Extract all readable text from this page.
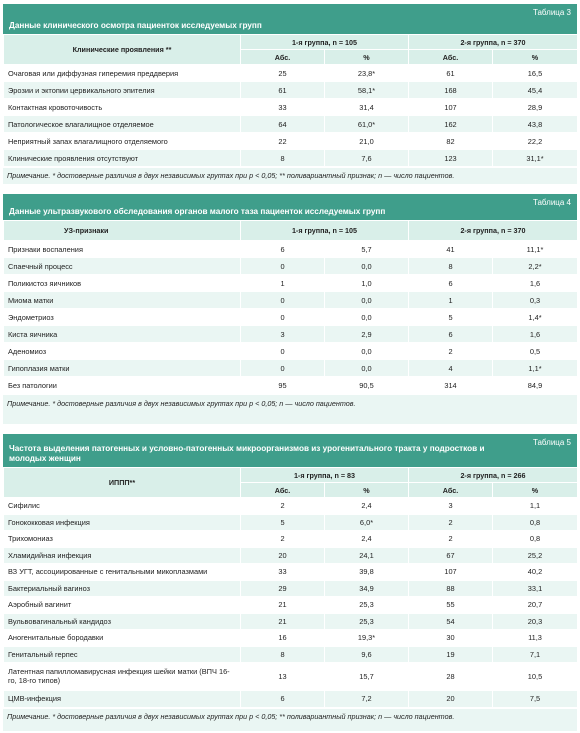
Таблица 3
Данные клинического осмотра пациенток исследуемых групп
Клинические проявления **	1-я группа, n = 105		2-я группа, n = 370	
	Абс.	%	Абс.	%
Очаговая или диффузная гиперемия преддверия	25	23,8*	61	16,5
Эрозии и эктопии цервикального эпителия	61	58,1*	168	45,4
Контактная кровоточивость	33	31,4	107	28,9
Патологическое влагалищное отделяемое	64	61,0*	162	43,8
Неприятный запах влагалищного отделяемого	22	21,0	82	22,2
Клинические проявления отсутствуют	8	7,6	123	31,1*
Примечание. * достоверные различия в двух независимых группах при p < 0,05; ** поливариантный признак; n — число пациентов.
Таблица 4
Данные ультразвукового обследования органов малого таза пациенток исследуемых групп
УЗ-признаки	1-я группа, n = 105		2-я группа, n = 370	
Признаки воспаления	6	5,7	41	11,1*
Спаечный процесс	0	0,0	8	2,2*
Поликистоз яичников	1	1,0	6	1,6
Миома матки	0	0,0	1	0,3
Эндометриоз	0	0,0	5	1,4*
Киста яичника	3	2,9	6	1,6
Аденомиоз	0	0,0	2	0,5
Гипоплазия матки	0	0,0	4	1,1*
Без патологии	95	90,5	314	84,9
Примечание. * достоверные различия в двух независимых группах при p < 0,05; n — число пациентов.
Таблица 5
Частота выделения патогенных и условно-патогенных микроорганизмов из урогенитального тракта у подростков и молодых женщин
ИППП**	1-я группа, n = 83		2-я группа, n = 266	
	Абс.	%	Абс.	%
Сифилис	2	2,4	3	1,1
Гонококковая инфекция	5	6,0*	2	0,8
Трихомониаз	2	2,4	2	0,8
Хламидийная инфекция	20	24,1	67	25,2
ВЗ УГТ, ассоциированные с генитальными микоплазмами	33	39,8	107	40,2
Бактериальный вагиноз	29	34,9	88	33,1
Аэробный вагинит	21	25,3	55	20,7
Вульвовагинальный кандидоз	21	25,3	54	20,3
Аногенитальные бородавки	16	19,3*	30	11,3
Генитальный герпес	8	9,6	19	7,1
Латентная папилломавирусная инфекция шейки матки (ВПЧ 16-го, 18-го типов)	13	15,7	28	10,5
ЦМВ-инфекция	6	7,2	20	7,5
Примечание. * достоверные различия в двух независимых группах при p < 0,05; ** поливариантный признак; n — число пациентов.
